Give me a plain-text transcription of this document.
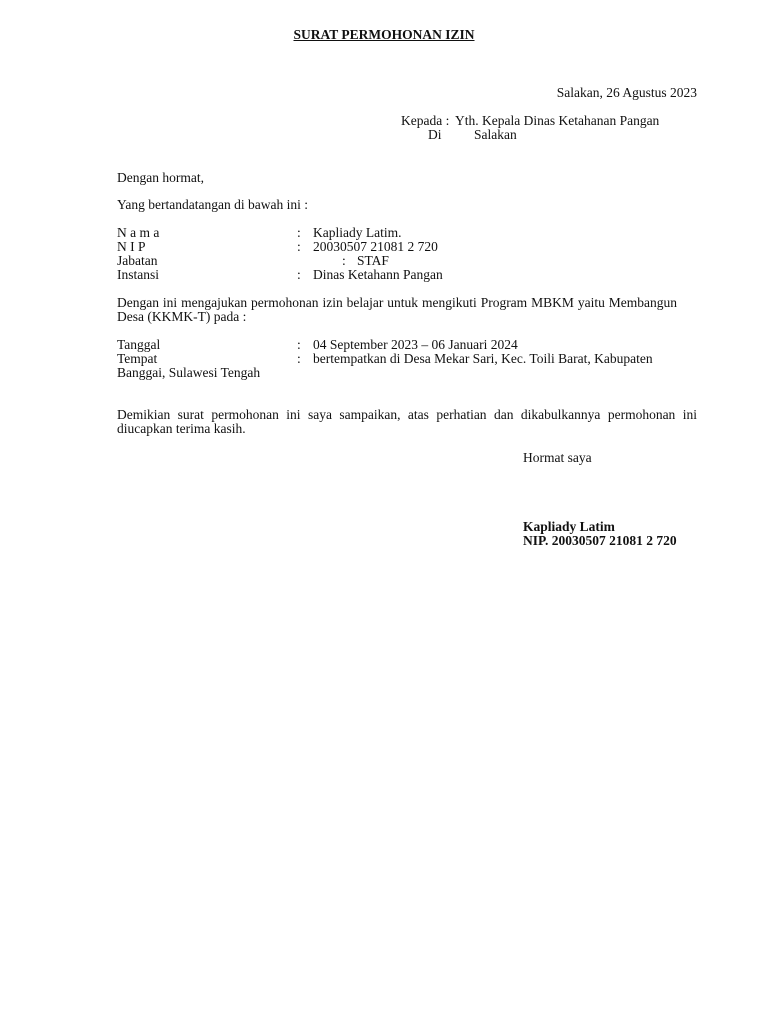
SURAT PERMOHONAN IZIN
Salakan, 26 Agustus 2023
Kepada : Yth. Kepala Dinas Ketahanan Pangan
Di Salakan
Dengan hormat,
Yang bertandatangan di bawah ini :
N a m a	: Kapliady Latim.
N I P	: 20030507 21081 2 720
Jabatan	: STAF
Instansi	: Dinas Ketahann Pangan
Dengan ini mengajukan permohonan izin belajar untuk mengikuti Program MBKM yaitu Membangun Desa (KKMK-T) pada :
Tanggal	: 04 September 2023 – 06 Januari 2024
Tempat	: bertempatkan di Desa Mekar Sari, Kec. Toili Barat, Kabupaten
Banggai, Sulawesi Tengah
Demikian surat permohonan ini saya sampaikan, atas perhatian dan dikabulkannya permohonan ini diucapkan terima kasih.
Hormat saya
Kapliady Latim
NIP. 20030507 21081 2 720
